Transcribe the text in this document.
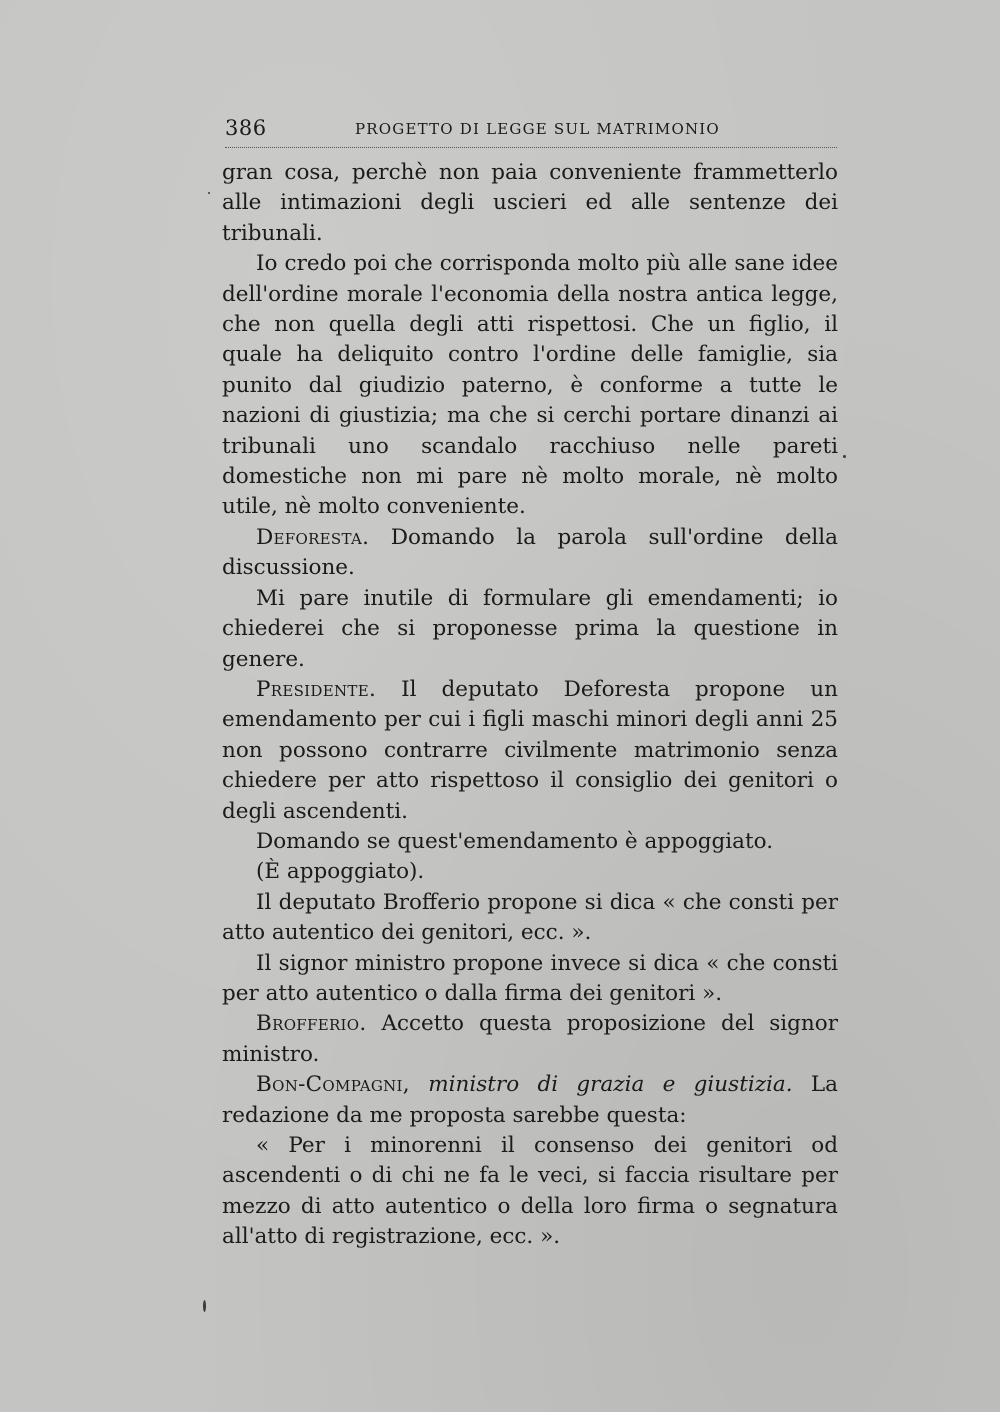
386	PROGETTO DI LEGGE SUL MATRIMONIO

gran cosa, perchè non paia conveniente frammetterlo alle intimazioni degli uscieri ed alle sentenze dei tribunali.

Io credo poi che corrisponda molto più alle sane idee dell'ordine morale l'economia della nostra antica legge, che non quella degli atti rispettosi. Che un figlio, il quale ha deliquito contro l'ordine delle famiglie, sia punito dal giudizio paterno, è conforme a tutte le nazioni di giustizia; ma che si cerchi portare dinanzi ai tribunali uno scandalo racchiuso nelle pareti domestiche non mi pare nè molto morale, nè molto utile, nè molto conveniente.

Deforesta. Domando la parola sull'ordine della discussione.

Mi pare inutile di formulare gli emendamenti; io chiederei che si proponesse prima la questione in genere.

Presidente. Il deputato Deforesta propone un emendamento per cui i figli maschi minori degli anni 25 non possono contrarre civilmente matrimonio senza chiedere per atto rispettoso il consiglio dei genitori o degli ascendenti.

Domando se quest'emendamento è appoggiato.

(È appoggiato).

Il deputato Brofferio propone si dica « che consti per atto autentico dei genitori, ecc. ».

Il signor ministro propone invece si dica « che consti per atto autentico o dalla firma dei genitori ».

Brofferio. Accetto questa proposizione del signor ministro.

Bon-Compagni, ministro di grazia e giustizia. La redazione da me proposta sarebbe questa:

« Per i minorenni il consenso dei genitori od ascendenti o di chi ne fa le veci, si faccia risultare per mezzo di atto autentico o della loro firma o segnatura all'atto di registrazione, ecc. ».
